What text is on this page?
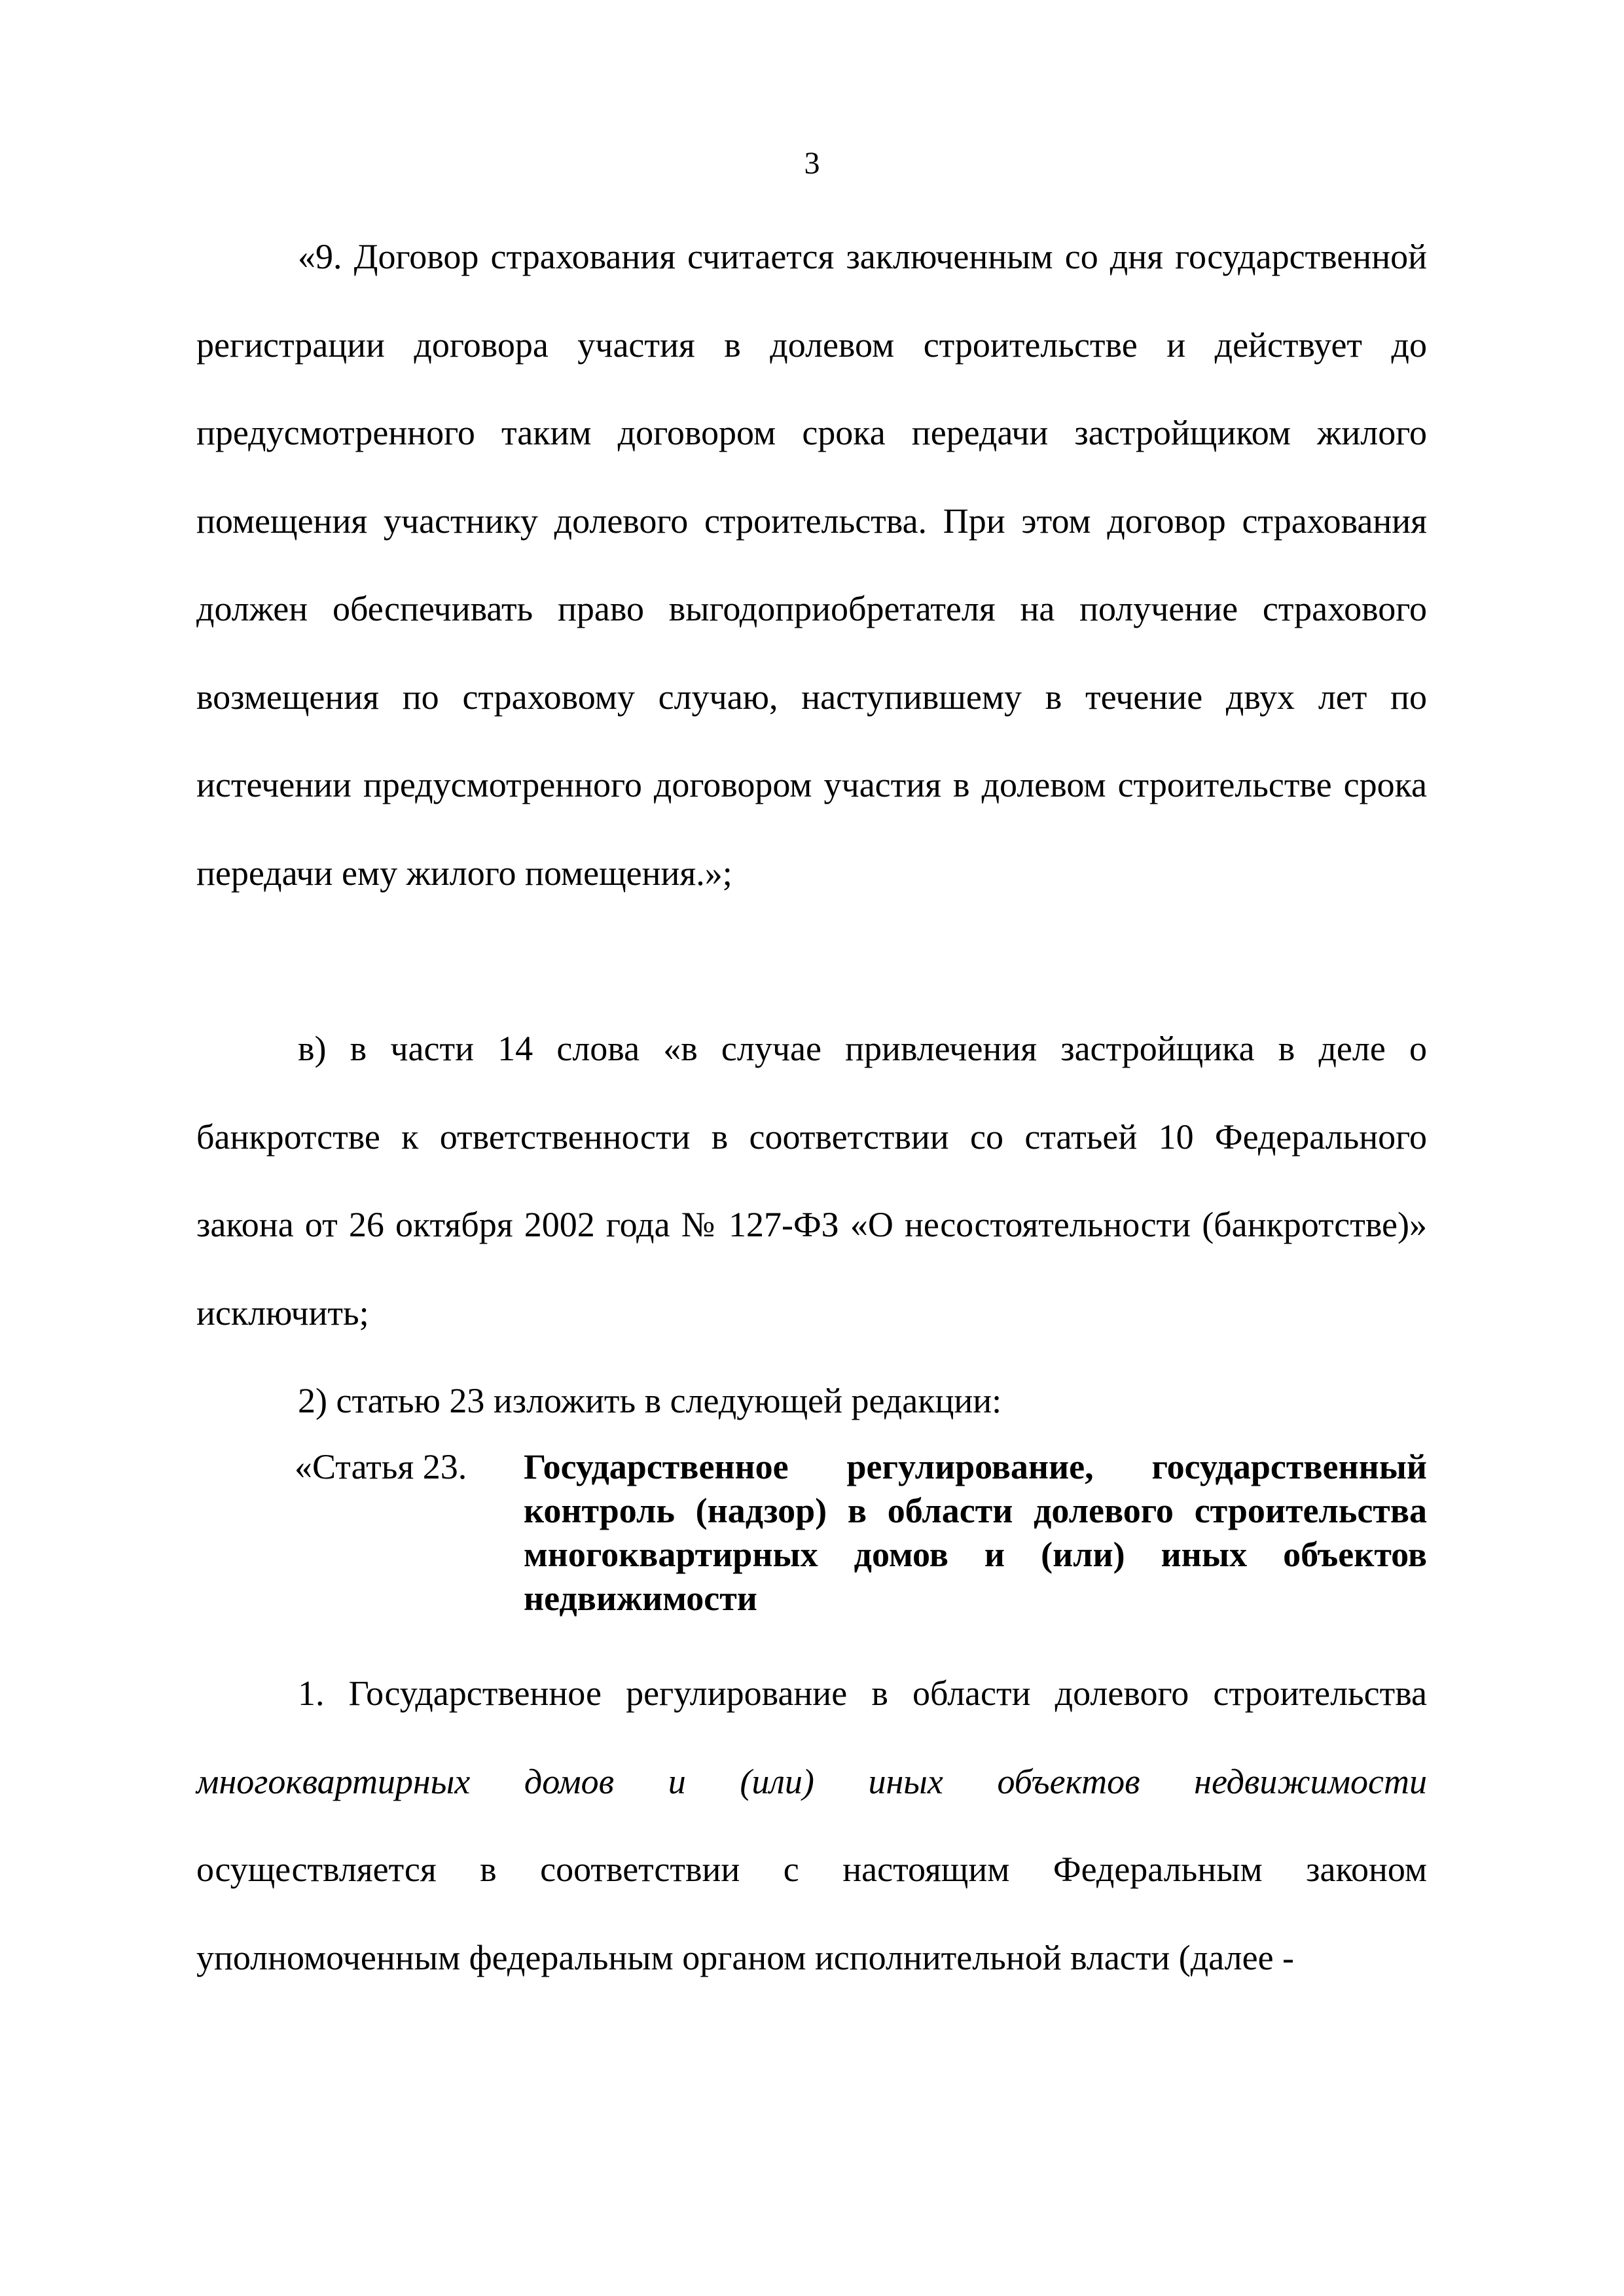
3

«9. Договор страхования считается заключенным со дня государственной регистрации договора участия в долевом строительстве и действует до предусмотренного таким договором срока передачи застройщиком жилого помещения участнику долевого строительства. При этом договор страхования должен обеспечивать право выгодоприобретателя на получение страхового возмещения по страховому случаю, наступившему в течение двух лет по истечении предусмотренного договором участия в долевом строительстве срока передачи ему жилого помещения.»;

в) в части 14 слова «в случае привлечения застройщика в деле о банкротстве к ответственности в соответствии со статьей 10 Федерального закона от 26 октября 2002 года № 127-ФЗ «О несостоятельности (банкротстве)» исключить;

2) статью 23 изложить в следующей редакции:

«Статья 23. Государственное регулирование, государственный контроль (надзор) в области долевого строительства многоквартирных домов и (или) иных объектов недвижимости

1. Государственное регулирование в области долевого строительства

многоквартирных домов и (или) иных объектов недвижимости

осуществляется в соответствии с настоящим Федеральным законом уполномоченным федеральным органом исполнительной власти (далее -
